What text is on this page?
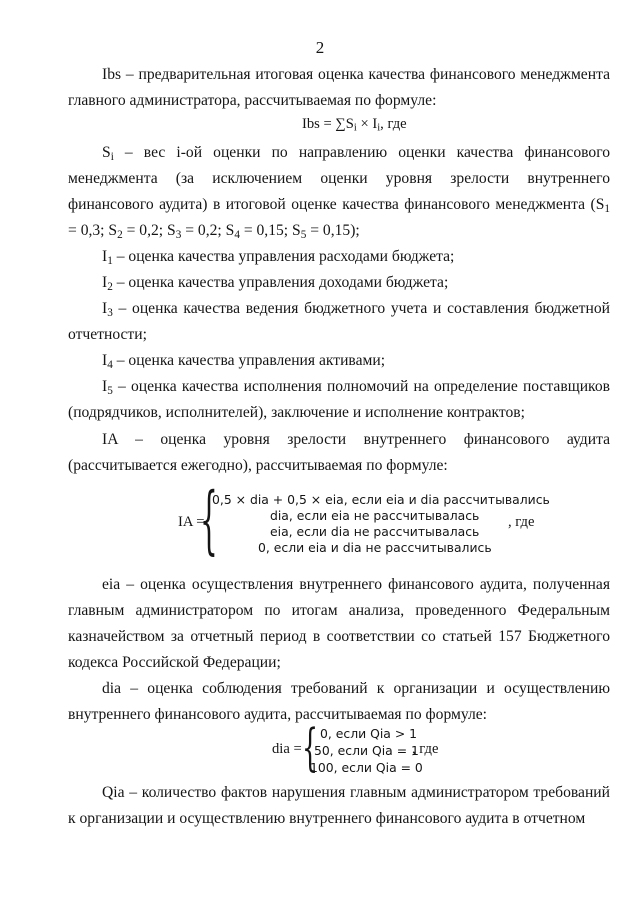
2

Ibs – предварительная итоговая оценка качества финансового менеджмента главного администратора, рассчитываемая по формуле:

Ibs = $\sum S_i \times I_i$, где

$S_i$ – вес i-ой оценки по направлению оценки качества финансового менеджмента (за исключением оценки уровня зрелости внутреннего финансового аудита) в итоговой оценке качества финансового менеджмента ($S_1 = 0,3$; $S_2 = 0,2$; $S_3 = 0,2$; $S_4 = 0,15$; $S_5 = 0,15$);

$I_1$ – оценка качества управления расходами бюджета;

$I_2$ – оценка качества управления доходами бюджета;

$I_3$ – оценка качества ведения бюджетного учета и составления бюджетной отчетности;

$I_4$ – оценка качества управления активами;

$I_5$ – оценка качества исполнения полномочий на определение поставщиков (подрядчиков, исполнителей), заключение и исполнение контрактов;

IA – оценка уровня зрелости внутреннего финансового аудита (рассчитывается ежегодно), рассчитываемая по формуле:

IA =
{
0,5 × dia + 0,5 × eia, если eia и dia рассчитывались
dia, если eia не рассчитывалась
eia, если dia не рассчитывалась
0, если eia и dia не рассчитывались
, где

eia – оценка осуществления внутреннего финансового аудита, полученная главным администратором по итогам анализа, проведенного Федеральным казначейством за отчетный период в соответствии со статьей 157 Бюджетного кодекса Российской Федерации;

dia – оценка соблюдения требований к организации и осуществлению внутреннего финансового аудита, рассчитываемая по формуле:

dia = { 0, если Qia > 1
50, если Qia = 1
100, если Qia = 0
, где

Qia – количество фактов нарушения главным администратором требований к организации и осуществлению внутреннего финансового аудита в отчетном
